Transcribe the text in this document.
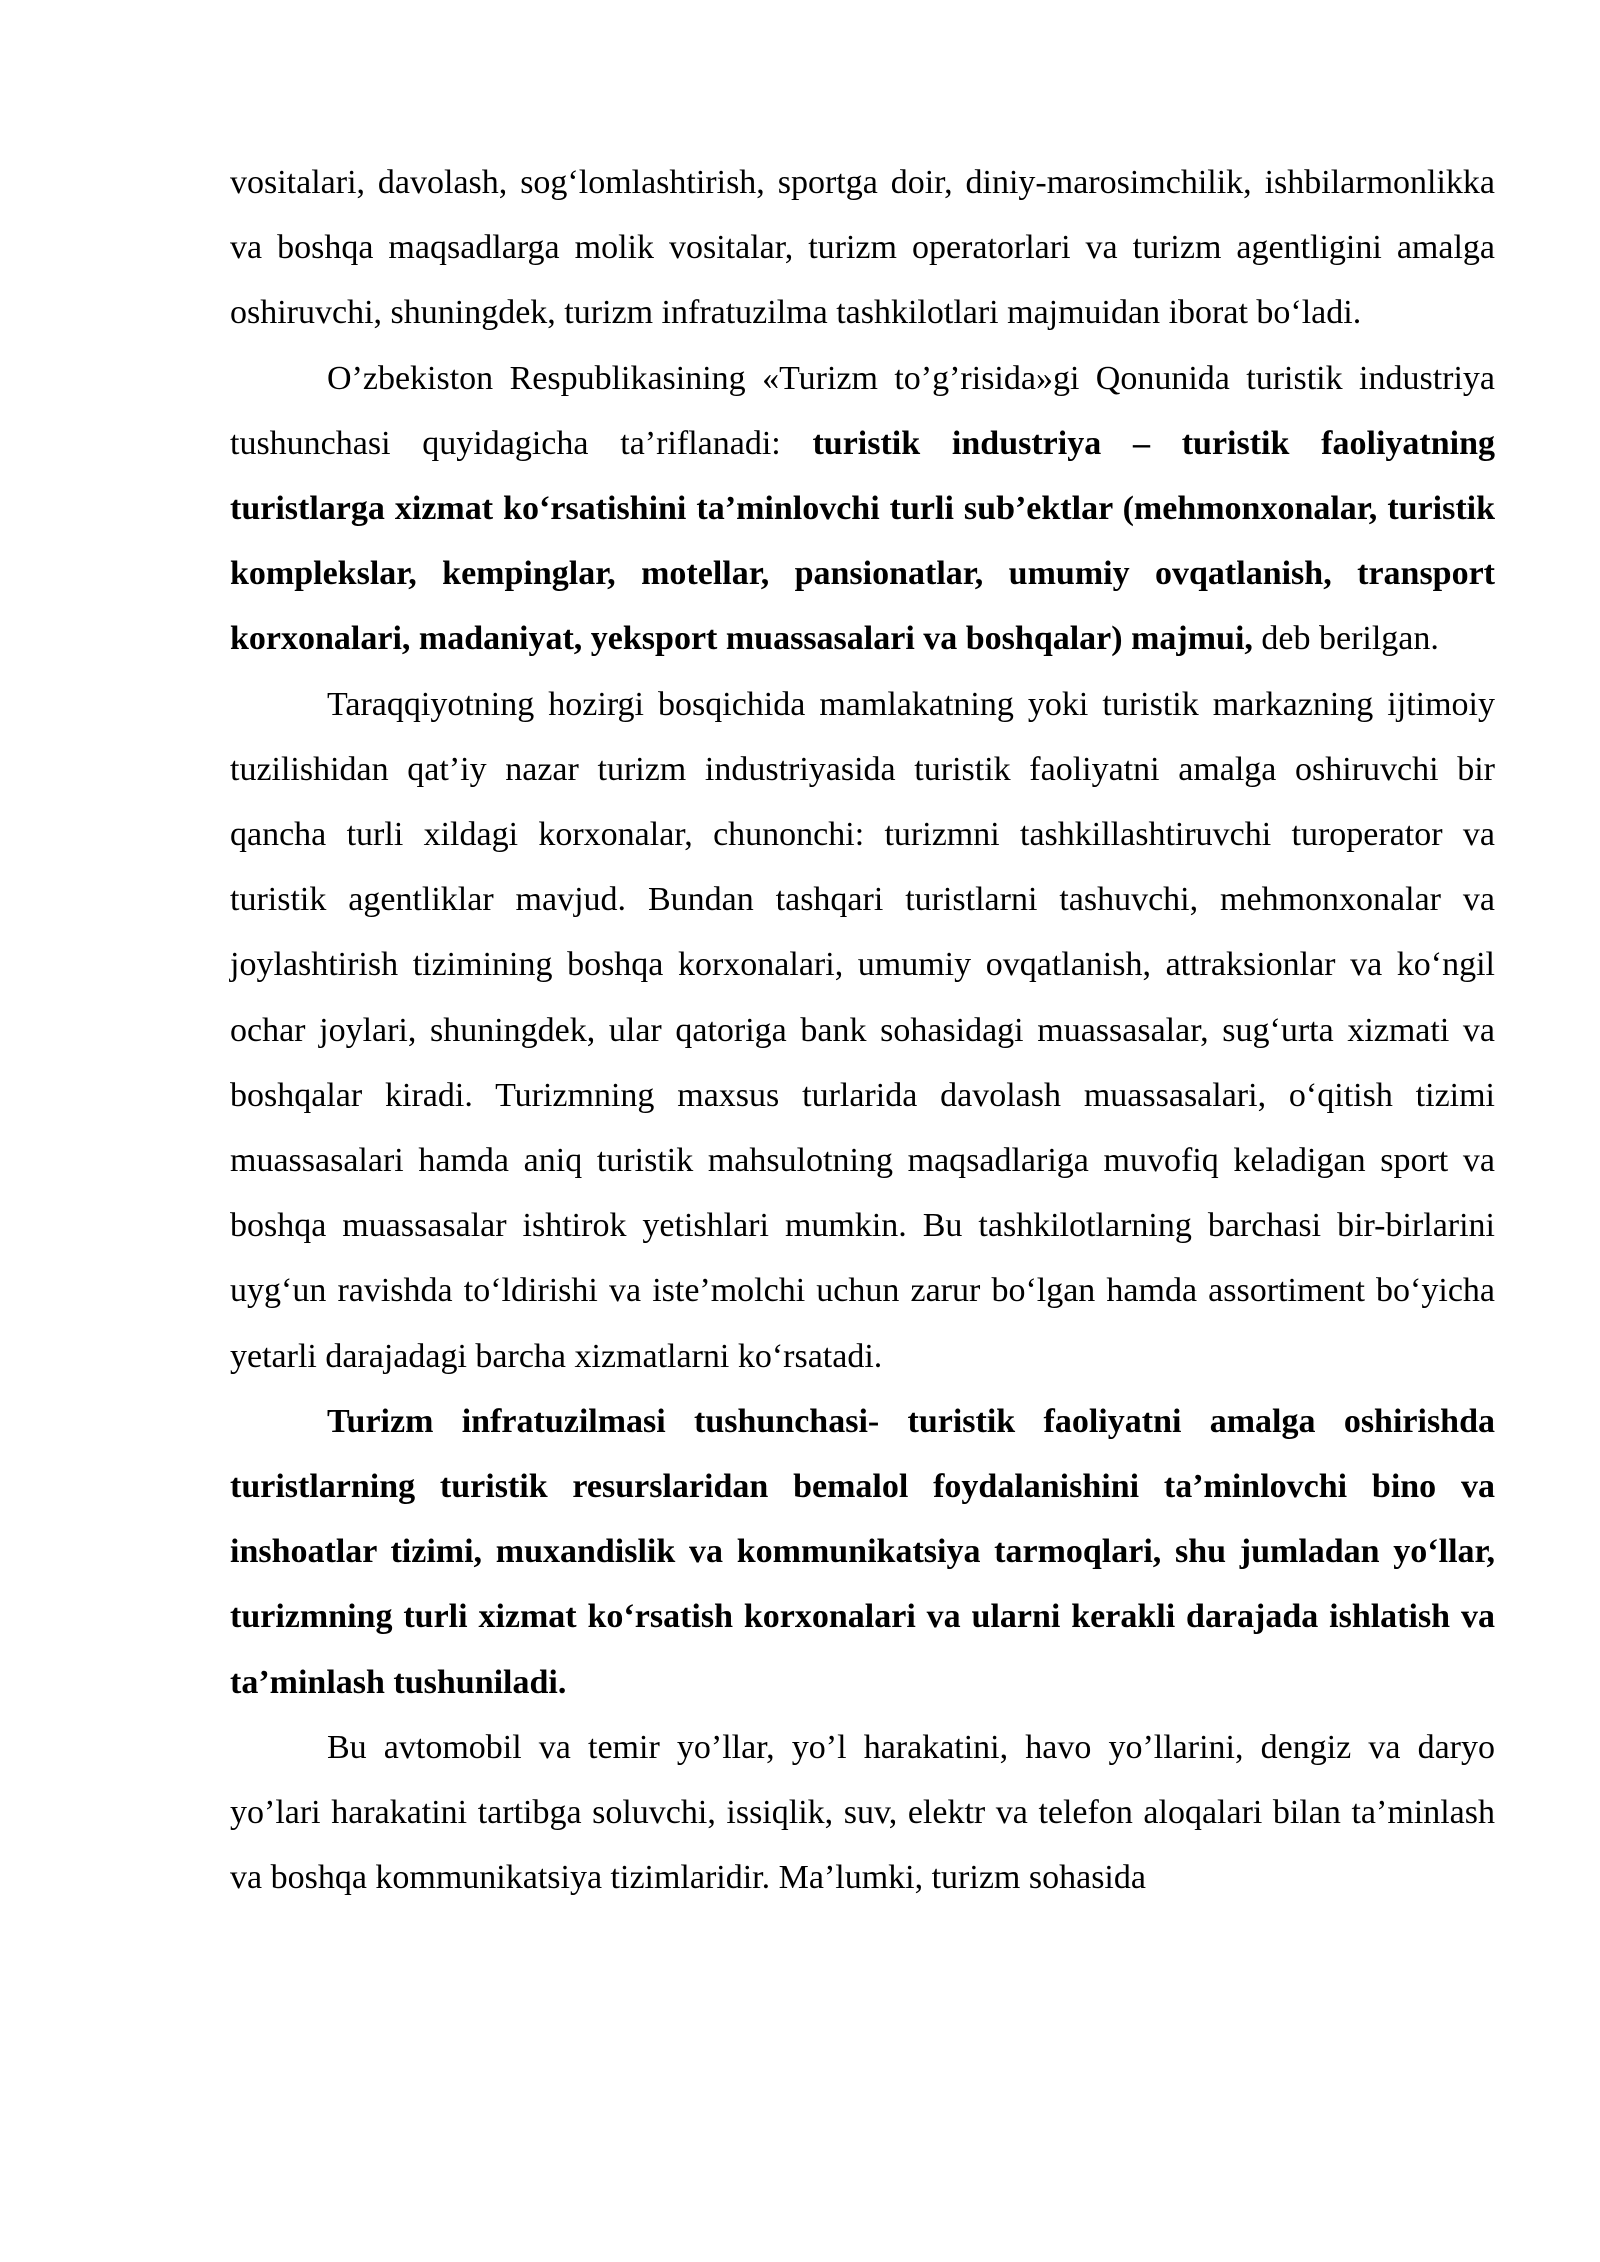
vositalari, davolash, sog‘lomlashtirish, sportga doir, diniy-marosimchilik, ishbilarmonlikka va boshqa maqsadlarga molik vositalar, turizm operatorlari va turizm agentligini amalga oshiruvchi, shuningdek, turizm infratuzilma tashkilotlari majmuidan iborat bo‘ladi.

O’zbekiston Respublikasining «Turizm to’g’risida»gi Qonunida turistik industriya tushunchasi quyidagicha ta’riflanadi: turistik industriya – turistik faoliyatning turistlarga xizmat ko‘rsatishini ta’minlovchi turli sub’ektlar (mehmonxonalar, turistik komplekslar, kempinglar, motellar, pansionatlar, umumiy ovqatlanish, transport korxonalari, madaniyat, yeksport muassasalari va boshqalar) majmui, deb berilgan.

Taraqqiyotning hozirgi bosqichida mamlakatning yoki turistik markazning ijtimoiy tuzilishidan qat’iy nazar turizm industriyasida turistik faoliyatni amalga oshiruvchi bir qancha turli xildagi korxonalar, chunonchi: turizmni tashkillashtiruvchi turoperator va turistik agentliklar mavjud. Bundan tashqari turistlarni tashuvchi, mehmonxonalar va joylashtirish tizimining boshqa korxonalari, umumiy ovqatlanish, attraksionlar va ko‘ngil ochar joylari, shuningdek, ular qatoriga bank sohasidagi muassasalar, sug‘urta xizmati va boshqalar kiradi. Turizmning maxsus turlarida davolash muassasalari, o‘qitish tizimi muassasalari hamda aniq turistik mahsulotning maqsadlariga muvofiq keladigan sport va boshqa muassasalar ishtirok yetishlari mumkin. Bu tashkilotlarning barchasi bir-birlarini uyg‘un ravishda to‘ldirishi va iste’molchi uchun zarur bo‘lgan hamda assortiment bo‘yicha yetarli darajadagi barcha xizmatlarni ko‘rsatadi.

Turizm infratuzilmasi tushunchasi- turistik faoliyatni amalga oshirishda turistlarning turistik resurslaridan bemalol foydalanishini ta’minlovchi bino va inshoatlar tizimi, muxandislik va kommunikatsiya tarmoqlari, shu jumladan yo‘llar, turizmning turli xizmat ko‘rsatish korxonalari va ularni kerakli darajada ishlatish va ta’minlash tushuniladi.

Bu avtomobil va temir yo’llar, yo’l harakatini, havo yo’llarini, dengiz va daryo yo’lari harakatini tartibga soluvchi, issiqlik, suv, elektr va telefon aloqalari bilan ta’minlash va boshqa kommunikatsiya tizimlaridir. Ma’lumki, turizm sohasida
